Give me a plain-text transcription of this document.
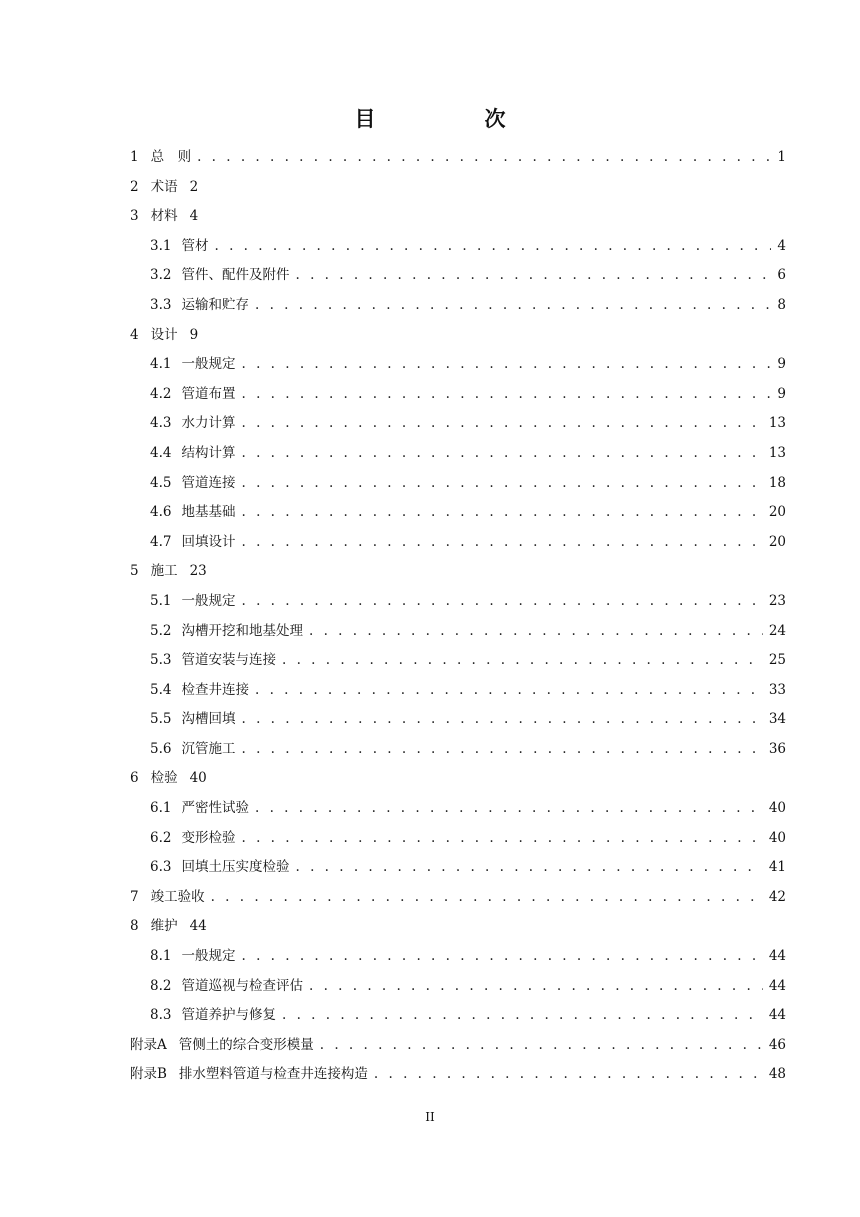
目　次
1 总　则 . . .	1
2 术语 2
3 材料 4
3.1 管材 . . .	4
3.2 管件、配件及附件 . . .	6
3.3 运输和贮存 . . .	8
4 设计 9
4.1 一般规定 . . .	9
4.2 管道布置 . . .	9
4.3 水力计算 . . .	13
4.4 结构计算 . . .	13
4.5 管道连接 . . .	18
4.6 地基基础 . . .	20
4.7 回填设计 . . .	20
5 施工 23
5.1 一般规定 . . .	23
5.2 沟槽开挖和地基处理 . . .	24
5.3 管道安装与连接 . . .	25
5.4 检查井连接 . . .	33
5.5 沟槽回填 . . .	34
5.6 沉管施工 . . .	36
6 检验 40
6.1 严密性试验 . . .	40
6.2 变形检验 . . .	40
6.3 回填土压实度检验 . . .	41
7 竣工验收 . . .	42
8 维护 44
8.1 一般规定 . . .	44
8.2 管道巡视与检查评估 . . .	44
8.3 管道养护与修复 . . .	44
附录A 管侧土的综合变形模量 . . .	46
附录B 排水塑料管道与检查井连接构造 . . .	48
II
